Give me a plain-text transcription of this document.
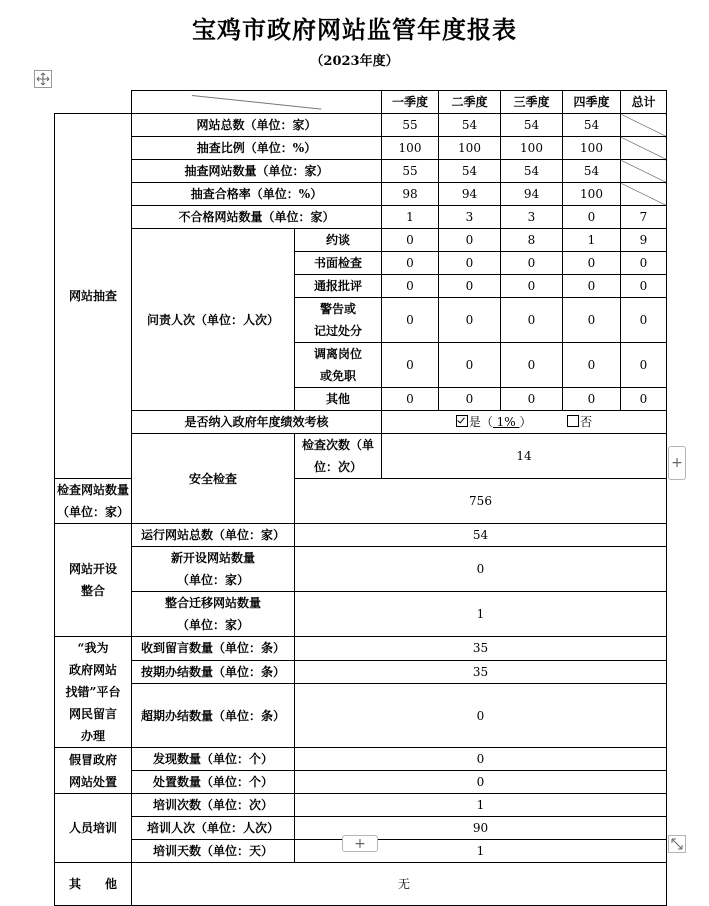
宝鸡市政府网站监管年度报表
（2023年度）

		一季度	二季度	三季度	四季度	总计
网站抽查	网站总数（单位：家）		55	54	54	54	
	抽查比例（单位：%）		100	100	100	100	
	抽查网站数量（单位：家）		55	54	54	54	
	抽查合格率（单位：%）		98	94	94	100	
	不合格网站数量（单位：家）		1	3	3	0	7
	问责人次（单位：人次）	约谈	0	0	8	1	9
		书面检查	0	0	0	0	0
		通报批评	0	0	0	0	0

		警告或
记过处分	0	0	0	0	0

		调离岗位
或免职	0	0	0	0	0
		其他	0	0	0	0	0
	是否纳入政府年度绩效考核		是（ 1% ） 否				
	安全检查	检查次数（单位：次）	14				
检查网站数量（单位：家）		756					

网站开设
整合	运行网站总数（单位：家）	54					

	新开设网站数量
（单位：家）	0					

	整合迁移网站数量
（单位：家）	1					

“我为
政府网站
找错”平台
网民留言
办理	收到留言数量（单位：条）	35					
	按期办结数量（单位：条）	35					
	超期办结数量（单位：条）	0					

假冒政府
网站处置	发现数量（单位：个）	0					
	处置数量（单位：个）	0					
人员培训	培训次数（单位：次）	1					
	培训人次（单位：人次）	90					
	培训天数（单位：天）	1					
其　　他	无						
+
+
